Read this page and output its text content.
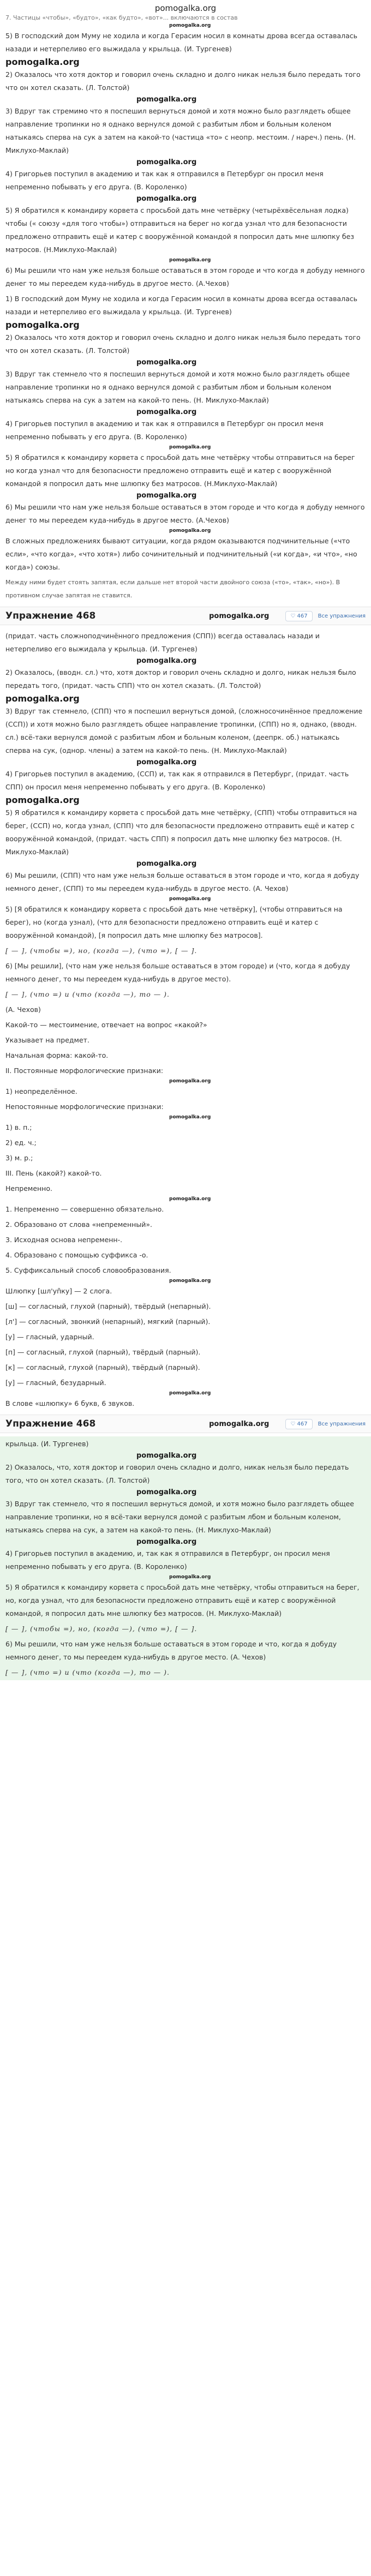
pomogalka.org

7. Частицы «чтобы», «будто», «как будто», «вот»... включаются в состав

pomogalka.org

5) В господский дом Муму не ходила и когда Герасим носил в комнаты дрова всегда оставалась назади и нетерпеливо его выжидала у крыльца. (И. Тургенев)

pomogalka.org

2) Оказалось что хотя доктор и говорил очень складно и долго никак нельзя было передать того что он хотел сказать. (Л. Толстой)

pomogalka.org

3) Вдруг так стремимо что я поспешил вернуться домой и хотя можно было разглядеть общее направление тропинки но я однако вернулся домой с разбитым лбом и больным коленом натыкаясь сперва на сук а затем на какой-то (частица «то» с неопр. местоим. / нареч.) пень. (Н. Миклухо-Маклай)

pomogalka.org

4) Григорьев поступил в академию и так как я отправился в Петербург он просил меня непременно побывать у его друга. (В. Короленко)

pomogalka.org

5) Я обратился к командиру корвета с просьбой дать мне четвёрку (четырёхвёсельная лодка) чтобы (« союзу «для того чтобы») отправиться на берег но когда узнал что для безопасности предложено отправить ещё и катер с вооружённой командой я попросил дать мне шлюпку без матросов. (Н.Миклухо-Маклай)

pomogalka.org

6) Мы решили что нам уже нельзя больше оставаться в этом городе и что когда я добуду немного денег то мы переедем куда-нибудь в другое место. (А.Чехов)

1) В господский дом Муму не ходила и когда Герасим носил в комнаты дрова всегда оставалась назади и нетерпеливо его выжидала у крыльца. (И. Тургенев)

pomogalka.org

2) Оказалось что хотя доктор и говорил очень складно и долго никак нельзя было передать того что он хотел сказать. (Л. Толстой)

pomogalka.org

3) Вдруг так стемнело что я поспешил вернуться домой и хотя можно было разглядеть общее направление тропинки но я однако вернулся домой с разбитым лбом и больным коленом натыкаясь сперва на сук а затем на какой-то пень. (Н. Миклухо-Маклай)

pomogalka.org

4) Григорьев поступил в академию и так как я отправился в Петербург он просил меня непременно побывать у его друга. (В. Короленко)

pomogalka.org

5) Я обратился к командиру корвета с просьбой дать мне четвёрку чтобы отправиться на берег но когда узнал что для безопасности предложено отправить ещё и катер с вооружённой командой я попросил дать мне шлюпку без матросов. (Н.Миклухо-Маклай)

pomogalka.org

6) Мы решили что нам уже нельзя больше оставаться в этом городе и что когда я добуду немного денег то мы переедем куда-нибудь в другое место. (А.Чехов)

pomogalka.org

В сложных предложениях бывают ситуации, когда рядом оказываются подчинительные («что если», «что когда», «что хотя») либо сочинительный и подчинительный («и когда», «и что», «но когда») союзы.

Между ними будет стоять запятая, если дальше нет второй части двойного союза («то», «так», «но»). В противном случае запятая не ставится.

Упражнение 468	pomogalka.org	♡ 467	Все упражнения

(придат. часть сложноподчинённого предложения (СПП)) всегда оставалась назади и нетерпеливо его выжидала у крыльца. (И. Тургенев)

pomogalka.org

2) Оказалось, (вводн. сл.) что, хотя доктор и говорил очень складно и долго, никак нельзя было передать того, (придат. часть СПП) что он хотел сказать. (Л. Толстой)

pomogalka.org

3) Вдруг так стемнело, (СПП) что я поспешил вернуться домой, (сложносочинённое предложение (ССП)) и хотя можно было разглядеть общее направление тропинки, (СПП) но я, однако, (вводн. сл.) всё-таки вернулся домой с разбитым лбом и больным коленом, (деепрк. об.) натыкаясь сперва на сук, (однор. члены) а затем на какой-то пень. (Н. Миклухо-Маклай)

pomogalka.org

4) Григорьев поступил в академию, (ССП) и, так как я отправился в Петербург, (придат. часть СПП) он просил меня непременно побывать у его друга. (В. Короленко)

pomogalka.org

5) Я обратился к командиру корвета с просьбой дать мне четвёрку, (СПП) чтобы отправиться на берег, (ССП) но, когда узнал, (СПП) что для безопасности предложено отправить ещё и катер с вооружённой командой, (придат. часть СПП) я попросил дать мне шлюпку без матросов. (Н. Миклухо-Маклай)

pomogalka.org

6) Мы решили, (СПП) что нам уже нельзя больше оставаться в этом городе и что, когда я добуду немного денег, (СПП) то мы переедем куда-нибудь в другое место. (А. Чехов)

pomogalka.org

5) [Я обратился к командиру корвета с просьбой дать мне четвёрку], (чтобы отправиться на берег), но (когда узнал), (что для безопасности предложено отправить ещё и катер с вооружённой командой), [я попросил дать мне шлюпку без матросов].

[ — ], (чтобы =), но, (когда —), (что =), [ — ].

6) [Мы решили], (что нам уже нельзя больше оставаться в этом городе) и (что, когда я добуду немного денег, то мы переедем куда-нибудь в другое место).

[ — ], (что =) и (что (когда —), то — ).

(А. Чехов)

Какой-то — местоимение, отвечает на вопрос «какой?»

Указывает на предмет.

Начальная форма: какой-то.

II. Постоянные морфологические признаки:

pomogalka.org

1) неопределённое.

Непостоянные морфологические признаки:

pomogalka.org

1) в. п.;

2) ед. ч.;

3) м. р.;

III. Пень (какой?) какой-то.

Непременно.

pomogalka.org

1. Непременно — совершенно обязательно.

2. Образовано от слова «непременный».

3. Исходная основа непременн-.

4. Образовано с помощью суффикса -о.

5. Суффиксальный способ словообразования.

pomogalka.org

Шлюпку [шл'уп̑ку] — 2 слога.

[ш] — согласный, глухой (парный), твёрдый (непарный).

[л'] — согласный, звонкий (непарный), мягкий (парный).

[у] — гласный, ударный.

[п] — согласный, глухой (парный), твёрдый (парный).

[к] — согласный, глухой (парный), твёрдый (парный).

[у] — гласный, безударный.

pomogalka.org

В слове «шлюпку» 6 букв, 6 звуков.

Упражнение 468	pomogalka.org	♡ 467	Все упражнения

крыльца. (И. Тургенев)

pomogalka.org

2) Оказалось, что, хотя доктор и говорил очень складно и долго, никак нельзя было передать того, что он хотел сказать. (Л. Толстой)

pomogalka.org

3) Вдруг так стемнело, что я поспешил вернуться домой, и хотя можно было разглядеть общее направление тропинки, но я всё-таки вернулся домой с разбитым лбом и больным коленом, натыкаясь сперва на сук, а затем на какой-то пень. (Н. Миклухо-Маклай)

pomogalka.org

4) Григорьев поступил в академию, и, так как я отправился в Петербург, он просил меня непременно побывать у его друга. (В. Короленко)

pomogalka.org

5) Я обратился к командиру корвета с просьбой дать мне четвёрку, чтобы отправиться на берег, но, когда узнал, что для безопасности предложено отправить ещё и катер с вооружённой командой, я попросил дать мне шлюпку без матросов. (Н. Миклухо-Маклай)

[ — ], (чтобы =), но, (когда —), (что =), [ — ].

6) Мы решили, что нам уже нельзя больше оставаться в этом городе и что, когда я добуду немного денег, то мы переедем куда-нибудь в другое место. (А. Чехов)

[ — ], (что =) и (что (когда —), то — ).
